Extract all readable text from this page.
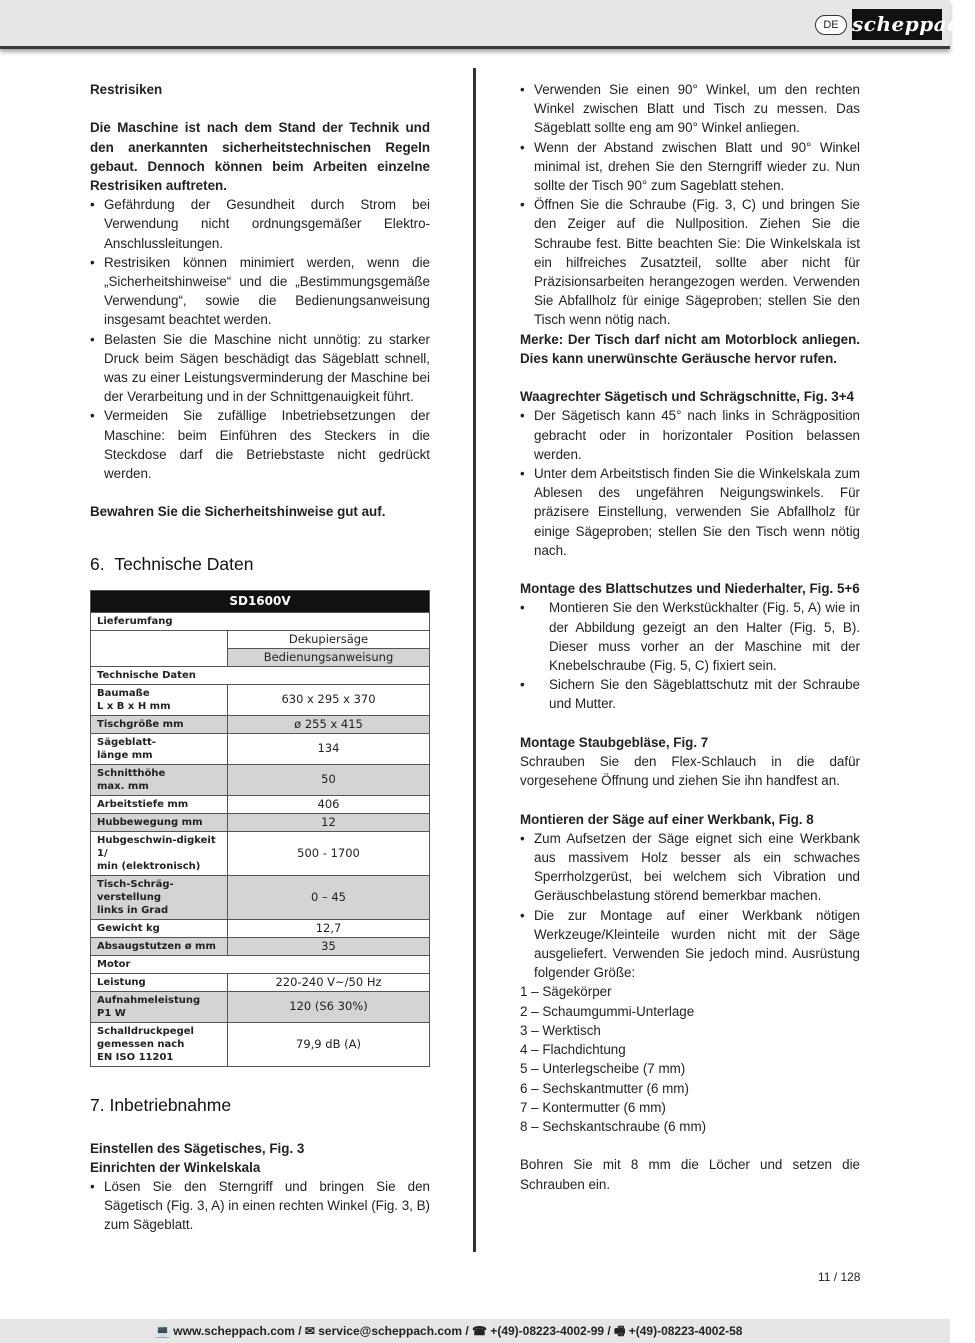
DE scheppach

Restrisiken

Die Maschine ist nach dem Stand der Technik und den anerkannten sicherheitstechnischen Regeln gebaut. Dennoch können beim Arbeiten einzelne Restrisiken auftreten.

• Gefährdung der Gesundheit durch Strom bei Verwendung nicht ordnungsgemäßer Elektro-Anschlussleitungen.
• Restrisiken können minimiert werden, wenn die „Sicherheitshinweise“ und die „Bestimmungsgemäße Verwendung“, sowie die Bedienungsanweisung insgesamt beachtet werden.
• Belasten Sie die Maschine nicht unnötig: zu starker Druck beim Sägen beschädigt das Sägeblatt schnell, was zu einer Leistungsverminderung der Maschine bei der Verarbeitung und in der Schnittgenauigkeit führt.
• Vermeiden Sie zufällige Inbetriebsetzungen der Maschine: beim Einführen des Steckers in die Steckdose darf die Betriebstaste nicht gedrückt werden.

Bewahren Sie die Sicherheitshinweise gut auf.

6.  Technische Daten
SD1600V	
Lieferumfang	
	Dekupiersäge
	Bedienungsanweisung
Technische Daten	
Baumaße
L x B x H mm	630 x 295 x 370
Tischgröße mm	ø 255 x 415
Sägeblatt-
länge mm	134
Schnitthöhe
max. mm	50
Arbeitstiefe mm	406
Hubbewegung mm	12
Hubgeschwin-digkeit 1/
min (elektronisch)	500 - 1700
Tisch-Schräg-verstellung
links in Grad	0 – 45
Gewicht kg	12,7
Absaugstutzen ø mm	35
Motor	
Leistung	220-240 V~/50 Hz
Aufnahmeleistung
P1 W	120 (S6 30%)
Schalldruckpegel
gemessen nach
EN ISO 11201	79,9 dB (A)
7. Inbetriebnahme

Einstellen des Sägetisches, Fig. 3

Einrichten der Winkelskala

• Lösen Sie den Sterngriff und bringen Sie den Sägetisch (Fig. 3, A) in einen rechten Winkel (Fig. 3, B) zum Sägeblatt.
• Verwenden Sie einen 90° Winkel, um den rechten Winkel zwischen Blatt und Tisch zu messen. Das Sägeblatt sollte eng am 90° Winkel anliegen.
• Wenn der Abstand zwischen Blatt und 90° Winkel minimal ist, drehen Sie den Sterngriff wieder zu. Nun sollte der Tisch 90° zum Sageblatt stehen.
• Öffnen Sie die Schraube (Fig. 3, C) und bringen Sie den Zeiger auf die Nullposition. Ziehen Sie die Schraube fest. Bitte beachten Sie: Die Winkelskala ist ein hilfreiches Zusatzteil, sollte aber nicht für Präzisionsarbeiten herangezogen werden. Verwenden Sie Abfallholz für einige Sägeproben; stellen Sie den Tisch wenn nötig nach.

Merke: Der Tisch darf nicht am Motorblock anliegen. Dies kann unerwünschte Geräusche hervor rufen.

Waagrechter Sägetisch und Schrägschnitte, Fig. 3+4

• Der Sägetisch kann 45° nach links in Schrägposition gebracht oder in horizontaler Position belassen werden.
• Unter dem Arbeitstisch finden Sie die Winkelskala zum Ablesen des ungefähren Neigungswinkels. Für präzisere Einstellung, verwenden Sie Abfallholz für einige Sägeproben; stellen Sie den Tisch wenn nötig nach.

Montage des Blattschutzes und Niederhalter, Fig. 5+6

• Montieren Sie den Werkstückhalter (Fig. 5, A) wie in der Abbildung gezeigt an den Halter (Fig. 5, B). Dieser muss vorher an der Maschine mit der Knebelschraube (Fig. 5, C) fixiert sein.
• Sichern Sie den Sägeblattschutz mit der Schraube und Mutter.

Montage Staubgebläse, Fig. 7

Schrauben Sie den Flex-Schlauch in die dafür vorgesehene Öffnung und ziehen Sie ihn handfest an.

Montieren der Säge auf einer Werkbank, Fig. 8

• Zum Aufsetzen der Säge eignet sich eine Werkbank aus massivem Holz besser als ein schwaches Sperrholzgerüst, bei welchem sich Vibration und Geräuschbelastung störend bemerkbar machen.
• Die zur Montage auf einer Werkbank nötigen Werkzeuge/Kleinteile wurden nicht mit der Säge ausgeliefert. Verwenden Sie jedoch mind. Ausrüstung folgender Größe:

1 – Sägekörper

2 – Schaumgummi-Unterlage

3 – Werktisch

4 – Flachdichtung

5 – Unterlegscheibe (7 mm)

6 – Sechskantmutter (6 mm)

7 – Kontermutter (6 mm)

8 – Sechskantschraube (6 mm)

Bohren Sie mit 8 mm die Löcher und setzen die Schrauben ein.

11 / 128
💻 www.scheppach.com / ✉ service@scheppach.com / ☎ +(49)-08223-4002-99 / 🖷 +(49)-08223-4002-58
